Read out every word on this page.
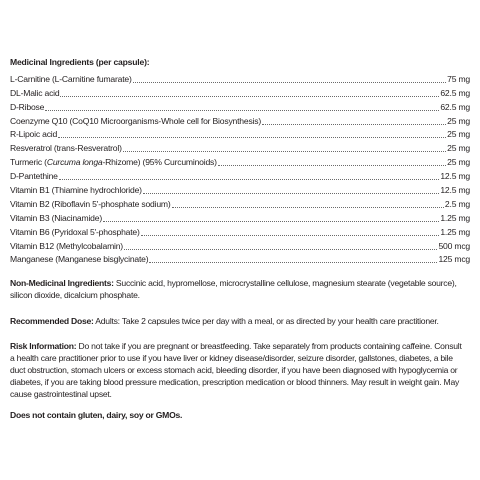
Medicinal Ingredients (per capsule):
L-Carnitine (L-Carnitine fumarate)	75 mg
DL-Malic acid	62.5 mg
D-Ribose	62.5 mg
Coenzyme Q10 (CoQ10 Microorganisms-Whole cell for Biosynthesis)	25 mg
R-Lipoic acid	25 mg
Resveratrol (trans-Resveratrol)	25 mg
Turmeric (Curcuma longa-Rhizome) (95% Curcuminoids)	25 mg
D-Pantethine	12.5 mg
Vitamin B1 (Thiamine hydrochloride)	12.5 mg
Vitamin B2 (Riboflavin 5'-phosphate sodium)	2.5 mg
Vitamin B3 (Niacinamide)	1.25 mg
Vitamin B6 (Pyridoxal 5'-phosphate)	1.25 mg
Vitamin B12 (Methylcobalamin)	500 mcg
Manganese (Manganese bisglycinate)	125 mcg
Non-Medicinal Ingredients: Succinic acid, hypromellose, microcrystalline cellulose, magnesium stearate (vegetable source), silicon dioxide, dicalcium phosphate.
Recommended Dose: Adults: Take 2 capsules twice per day with a meal, or as directed by your health care practitioner.
Risk Information: Do not take if you are pregnant or breastfeeding. Take separately from products containing caffeine. Consult a health care practitioner prior to use if you have liver or kidney disease/disorder, seizure disorder, gallstones, diabetes, a bile duct obstruction, stomach ulcers or excess stomach acid, bleeding disorder, if you have been diagnosed with hypoglycemia or diabetes, if you are taking blood pressure medication, prescription medication or blood thinners. May result in weight gain. May cause gastrointestinal upset.
Does not contain gluten, dairy, soy or GMOs.
